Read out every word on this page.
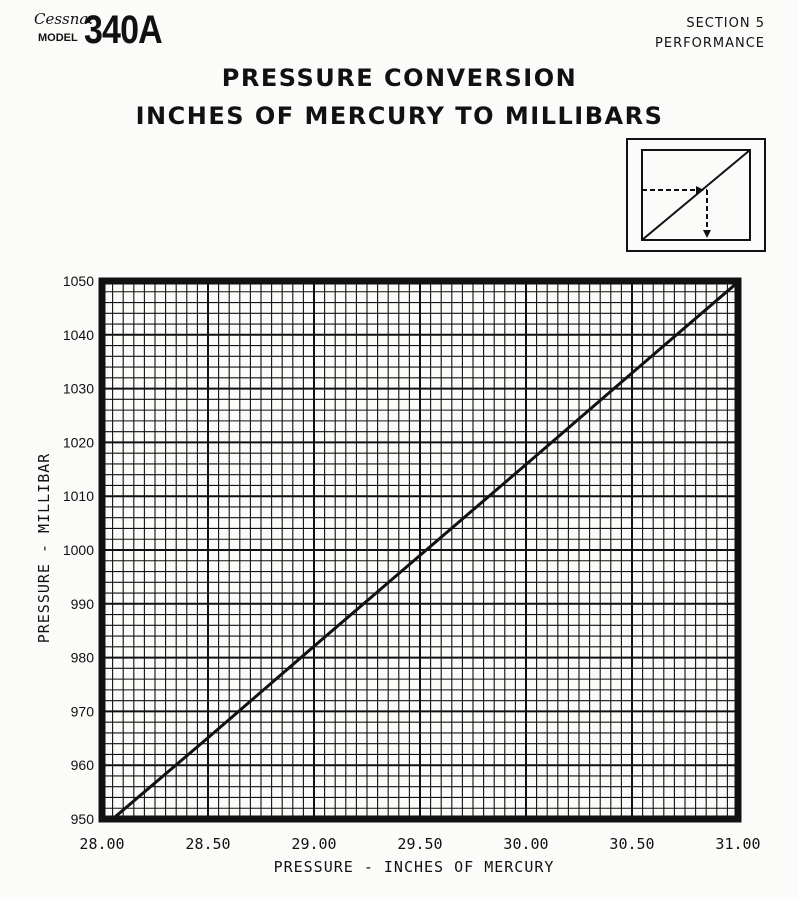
Cessna.
MODEL 340A	SECTION 5
PERFORMANCE
PRESSURE CONVERSION
INCHES OF MERCURY TO MILLIBARS
950
960
970
980
990
1000
1010
1020
1030
1040
1050
28.00	28.50	29.00	29.50	30.00	30.50	31.00
PRESSURE - MILLIBAR
PRESSURE - INCHES OF MERCURY
